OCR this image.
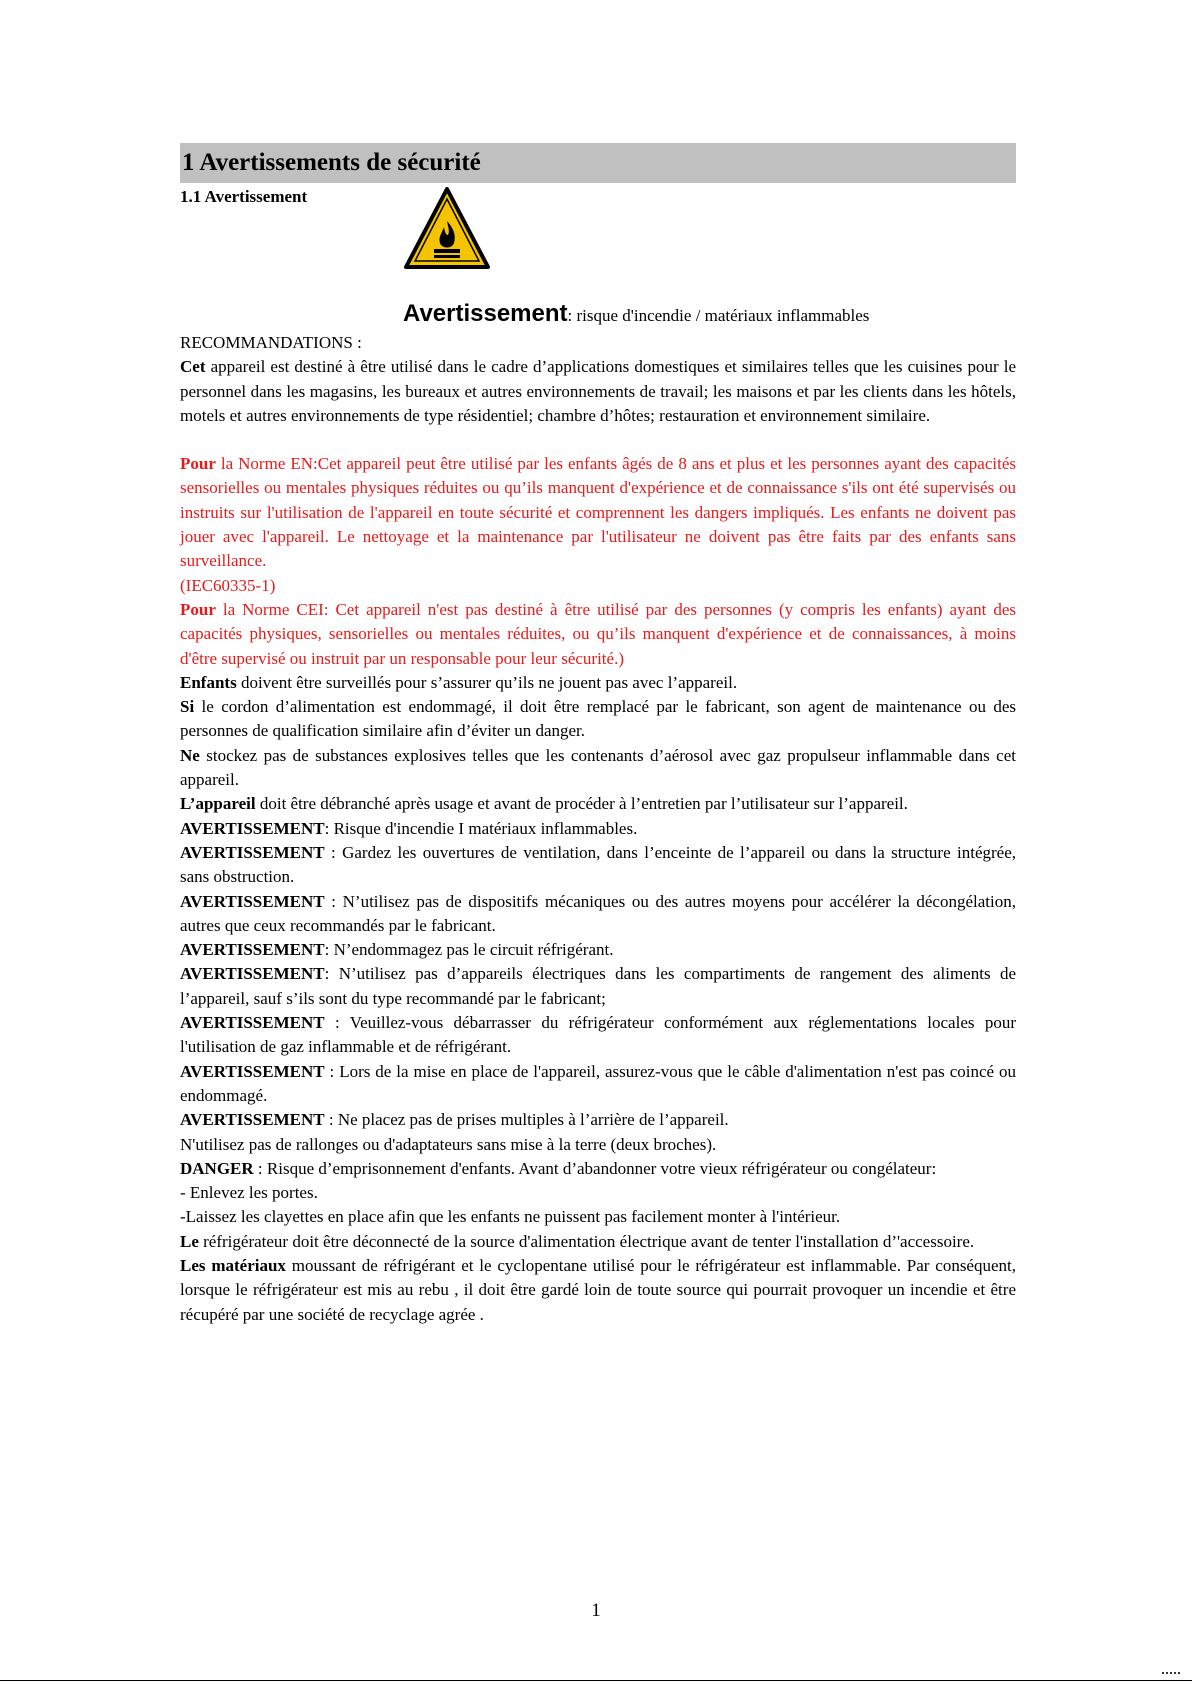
1 Avertissements de sécurité
1.1 Avertissement
Avertissement: risque d'incendie / matériaux inflammables

RECOMMANDATIONS :

Cet appareil est destiné à être utilisé dans le cadre d’applications domestiques et similaires telles que les cuisines pour le personnel dans les magasins, les bureaux et autres environnements de travail; les maisons et par les clients dans les hôtels, motels et autres environnements de type résidentiel; chambre d’hôtes; restauration et environnement similaire.

Pour la Norme EN:Cet appareil peut être utilisé par les enfants âgés de 8 ans et plus et les personnes ayant des capacités sensorielles ou mentales physiques réduites ou qu’ils manquent d'expérience et de connaissance s'ils ont été supervisés ou instruits sur l'utilisation de l'appareil en toute sécurité et comprennent les dangers impliqués. Les enfants ne doivent pas jouer avec l'appareil. Le nettoyage et la maintenance par l'utilisateur ne doivent pas être faits par des enfants sans surveillance.

(IEC60335-1)

Pour la Norme CEI: Cet appareil n'est pas destiné à être utilisé par des personnes (y compris les enfants) ayant des capacités physiques, sensorielles ou mentales réduites, ou qu’ils manquent d'expérience et de connaissances, à moins d'être supervisé ou instruit par un responsable pour leur sécurité.)

Enfants doivent être surveillés pour s’assurer qu’ils ne jouent pas avec l’appareil.

Si le cordon d’alimentation est endommagé, il doit être remplacé par le fabricant, son agent de maintenance ou des personnes de qualification similaire afin d’éviter un danger.

Ne stockez pas de substances explosives telles que les contenants d’aérosol avec gaz propulseur inflammable dans cet appareil.

L’appareil doit être débranché après usage et avant de procéder à l’entretien par l’utilisateur sur l’appareil.

AVERTISSEMENT: Risque d'incendie I matériaux inflammables.

AVERTISSEMENT : Gardez les ouvertures de ventilation, dans l’enceinte de l’appareil ou dans la structure intégrée, sans obstruction.

AVERTISSEMENT : N’utilisez pas de dispositifs mécaniques ou des autres moyens pour accélérer la décongélation, autres que ceux recommandés par le fabricant.

AVERTISSEMENT: N’endommagez pas le circuit réfrigérant.

AVERTISSEMENT: N’utilisez pas d’appareils électriques dans les compartiments de rangement des aliments de l’appareil, sauf s’ils sont du type recommandé par le fabricant;

AVERTISSEMENT : Veuillez-vous débarrasser du réfrigérateur conformément aux réglementations locales pour l'utilisation de gaz inflammable et de réfrigérant.

AVERTISSEMENT : Lors de la mise en place de l'appareil, assurez-vous que le câble d'alimentation n'est pas coincé ou endommagé.

AVERTISSEMENT : Ne placez pas de prises multiples à l’arrière de l’appareil.

N'utilisez pas de rallonges ou d'adaptateurs sans mise à la terre (deux broches).

DANGER : Risque d’emprisonnement d'enfants. Avant d’abandonner votre vieux réfrigérateur ou congélateur:

- Enlevez les portes.

-Laissez les clayettes en place afin que les enfants ne puissent pas facilement monter à l'intérieur.

Le réfrigérateur doit être déconnecté de la source d'alimentation électrique avant de tenter l'installation d’'accessoire.

Les matériaux moussant de réfrigérant et le cyclopentane utilisé pour le réfrigérateur est inflammable. Par conséquent, lorsque le réfrigérateur est mis au rebu , il doit être gardé loin de toute source qui pourrait provoquer un incendie et être récupéré par une société de recyclage agrée .

1
